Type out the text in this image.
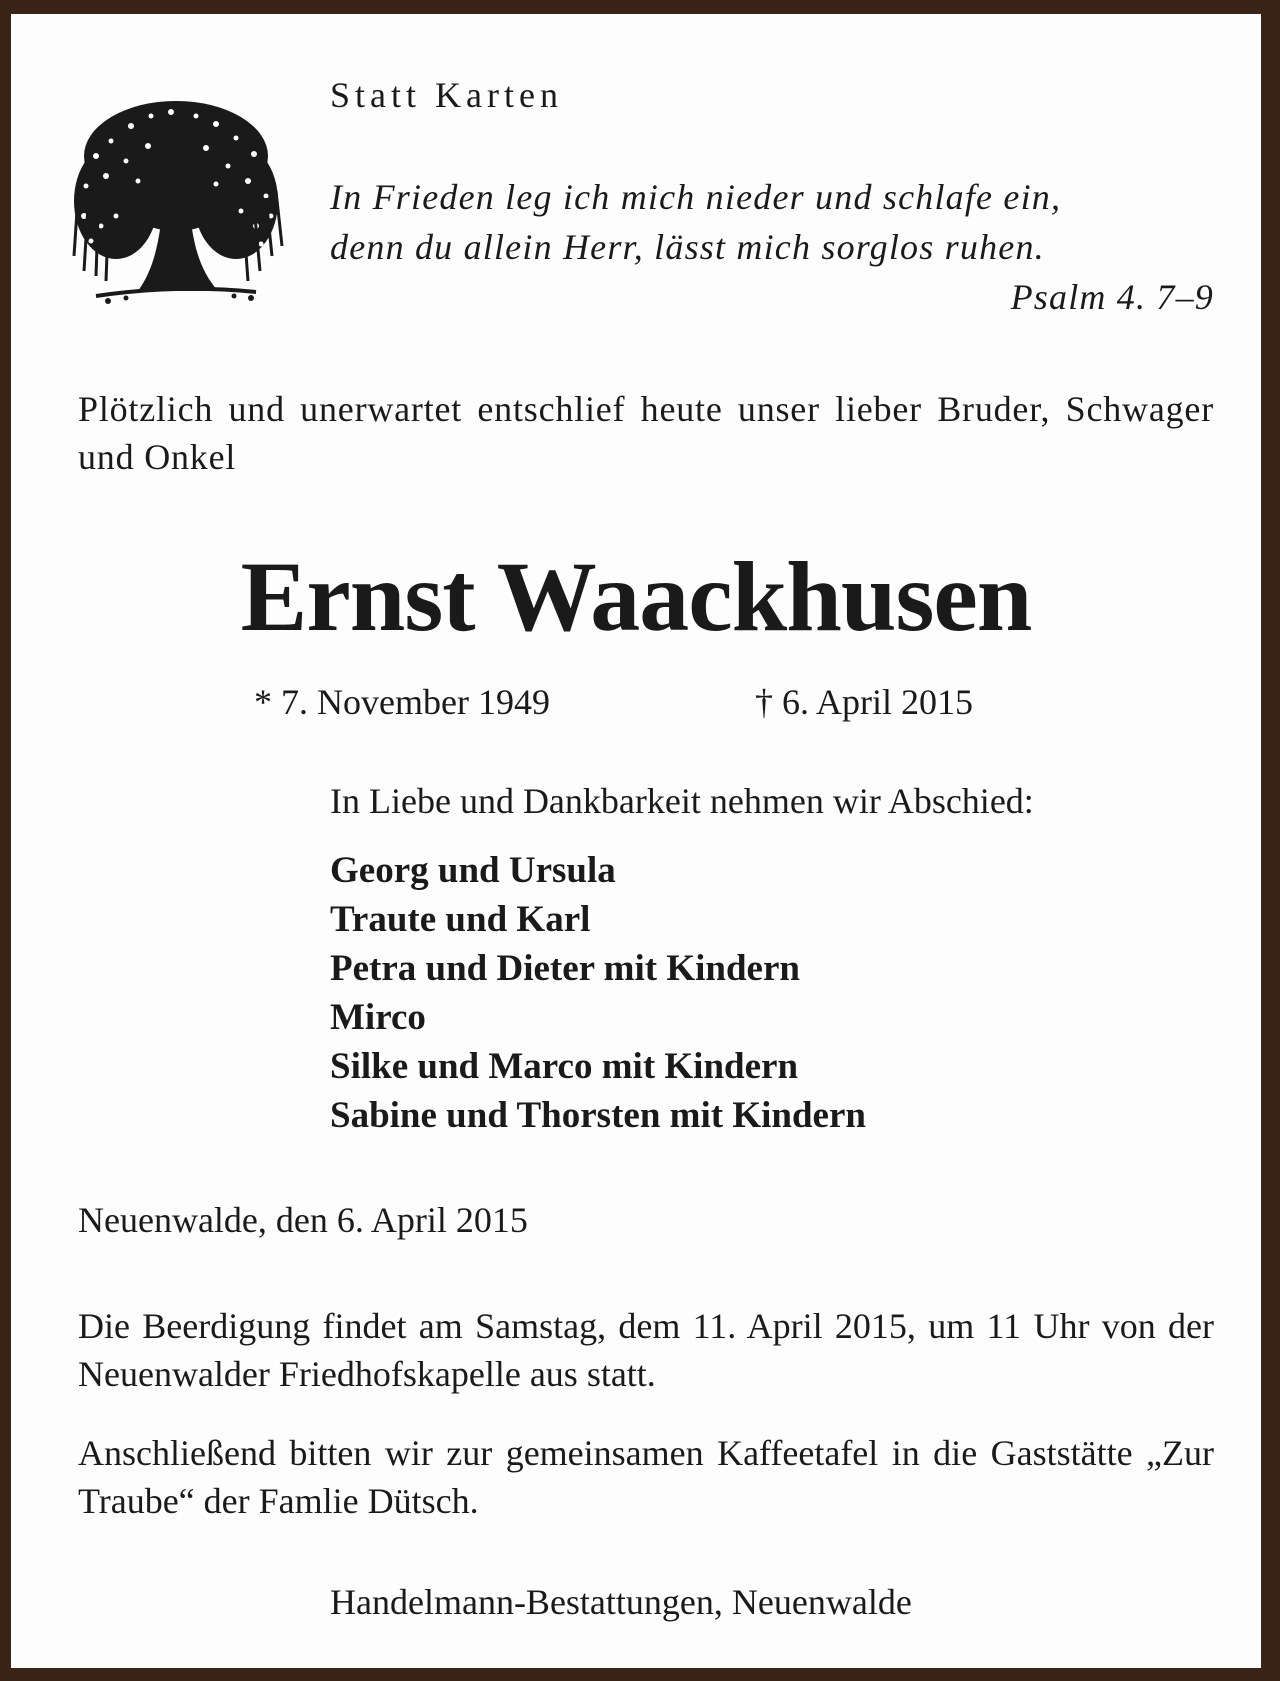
Statt Karten
In Frieden leg ich mich nieder und schlafe ein,
denn du allein Herr, lässt mich sorglos ruhen.
Psalm 4. 7–9
Plötzlich und unerwartet entschlief heute unser lieber Bruder, Schwager und Onkel
Ernst Waackhusen
* 7. November 1949	† 6. April 2015
In Liebe und Dankbarkeit nehmen wir Abschied:
Georg und Ursula
Traute und Karl
Petra und Dieter mit Kindern
Mirco
Silke und Marco mit Kindern
Sabine und Thorsten mit Kindern
Neuenwalde, den 6. April 2015
Die Beerdigung findet am Samstag, dem 11. April 2015, um 11 Uhr von der Neuenwalder Friedhofskapelle aus statt.
Anschließend bitten wir zur gemeinsamen Kaffeetafel in die Gaststätte „Zur Traube“ der Famlie Dütsch.
Handelmann-Bestattungen, Neuenwalde
